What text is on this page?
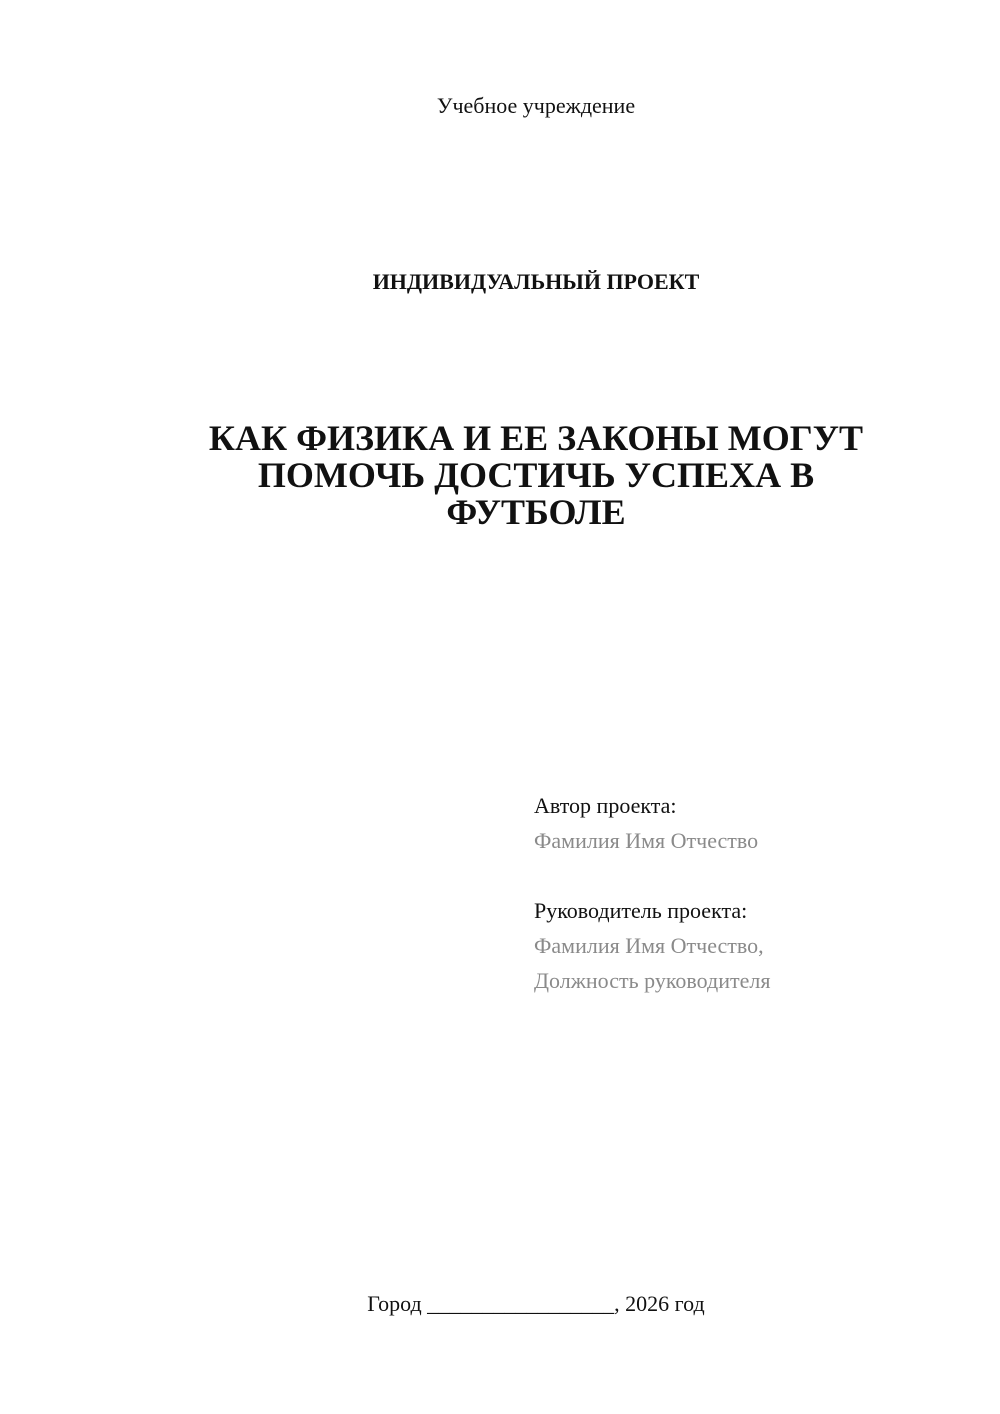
Учебное учреждение
ИНДИВИДУАЛЬНЫЙ ПРОЕКТ
КАК ФИЗИКА И ЕЕ ЗАКОНЫ МОГУТ
ПОМОЧЬ ДОСТИЧЬ УСПЕХА В
ФУТБОЛЕ
Автор проекта:
Фамилия Имя Отчество
Руководитель проекта:
Фамилия Имя Отчество,
Должность руководителя
Город _________________, 2026 год
